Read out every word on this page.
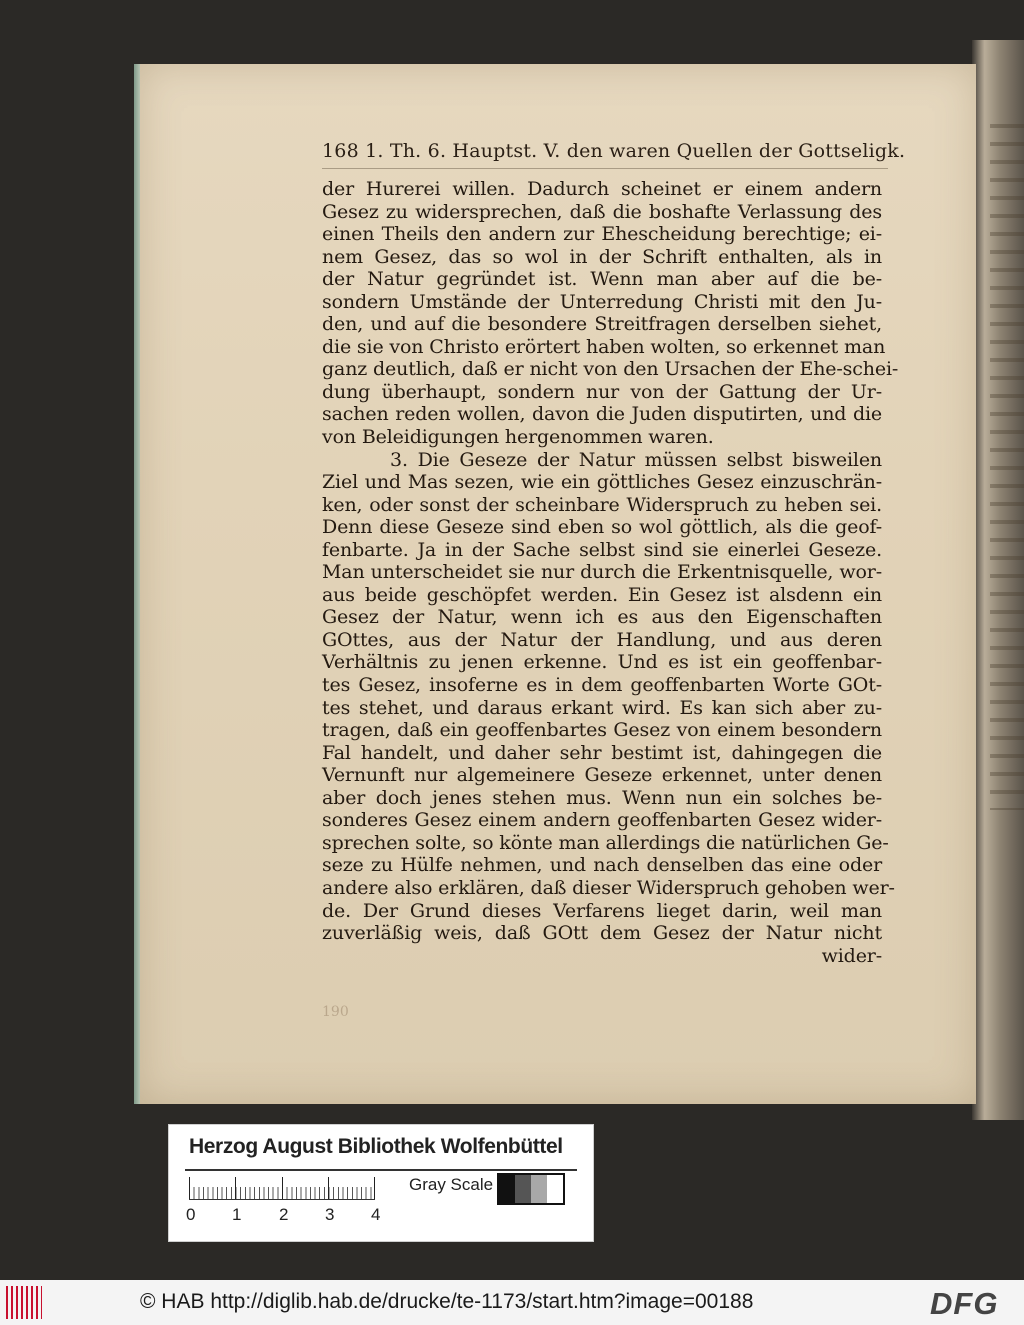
168 1. Th. 6. Hauptst. V. den waren Quellen der Gottseligk.
der Hurerei willen. Dadurch scheinet er einem andern
Gesez zu widersprechen, daß die boshafte Verlassung des
einen Theils den andern zur Ehescheidung berechtige; ei-
nem Gesez, das so wol in der Schrift enthalten, als in
der Natur gegründet ist. Wenn man aber auf die be-
sondern Umstände der Unterredung Christi mit den Ju-
den, und auf die besondere Streitfragen derselben siehet,
die sie von Christo erörtert haben wolten, so erkennet man
ganz deutlich, daß er nicht von den Ursachen der Ehe-schei-
dung überhaupt, sondern nur von der Gattung der Ur-
sachen reden wollen, davon die Juden disputirten, und die
von Beleidigungen hergenommen waren.
3. Die Geseze der Natur müssen selbst bisweilen
Ziel und Mas sezen, wie ein göttliches Gesez einzuschrän-
ken, oder sonst der scheinbare Widerspruch zu heben sei.
Denn diese Geseze sind eben so wol göttlich, als die geof-
fenbarte. Ja in der Sache selbst sind sie einerlei Geseze.
Man unterscheidet sie nur durch die Erkentnisquelle, wor-
aus beide geschöpfet werden. Ein Gesez ist alsdenn ein
Gesez der Natur, wenn ich es aus den Eigenschaften
GOttes, aus der Natur der Handlung, und aus deren
Verhältnis zu jenen erkenne. Und es ist ein geoffenbar-
tes Gesez, insoferne es in dem geoffenbarten Worte GOt-
tes stehet, und daraus erkant wird. Es kan sich aber zu-
tragen, daß ein geoffenbartes Gesez von einem besondern
Fal handelt, und daher sehr bestimt ist, dahingegen die
Vernunft nur algemeinere Geseze erkennet, unter denen
aber doch jenes stehen mus. Wenn nun ein solches be-
sonderes Gesez einem andern geoffenbarten Gesez wider-
sprechen solte, so könte man allerdings die natürlichen Ge-
seze zu Hülfe nehmen, und nach denselben das eine oder
andere also erklären, daß dieser Widerspruch gehoben wer-
de. Der Grund dieses Verfarens lieget darin, weil man
zuverläßig weis, daß GOtt dem Gesez der Natur nicht
wider-
190
Herzog August Bibliothek Wolfenbüttel
0 1 2 3 4
Gray Scale
© HAB http://diglib.hab.de/drucke/te-1173/start.htm?image=00188	DFG
